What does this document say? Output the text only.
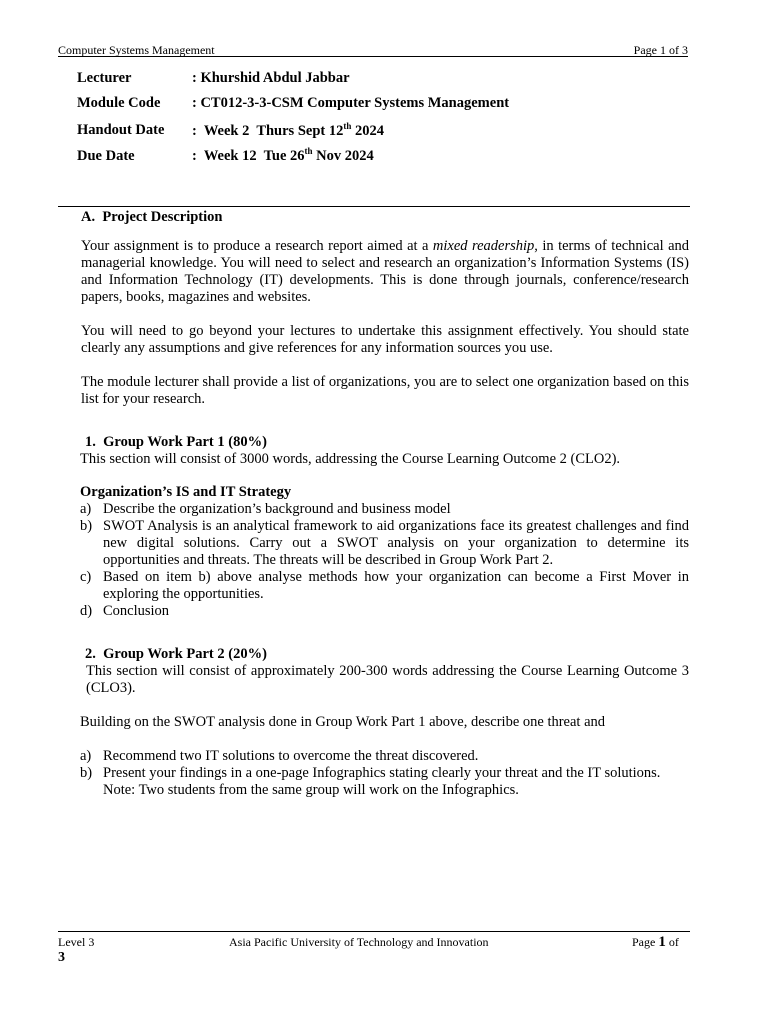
Computer Systems Management	Page 1 of 3
Lecturer	: Khurshid Abdul Jabbar
Module Code	: CT012-3-3-CSM Computer Systems Management
Handout Date	:  Week 2  Thurs Sept 12th 2024
Due Date	:  Week 12  Tue 26th Nov 2024

A.  Project Description

Your assignment is to produce a research report aimed at a mixed readership, in terms of technical and managerial knowledge. You will need to select and research an organization’s Information Systems (IS) and Information Technology (IT) developments. This is done through journals, conference/research papers, books, magazines and websites.

You will need to go beyond your lectures to undertake this assignment effectively. You should state clearly any assumptions and give references for any information sources you use.

The module lecturer shall provide a list of organizations, you are to select one organization based on this list for your research.

1.  Group Work Part 1 (80%)

This section will consist of 3000 words, addressing the Course Learning Outcome 2 (CLO2).

Organization’s IS and IT Strategy

a) Describe the organization’s background and business model
b) SWOT Analysis is an analytical framework to aid organizations face its greatest challenges and find new digital solutions. Carry out a SWOT analysis on your organization to determine its opportunities and threats. The threats will be described in Group Work Part 2.
c) Based on item b) above analyse methods how your organization can become a First Mover in exploring the opportunities.
d) Conclusion

2.  Group Work Part 2 (20%)

This section will consist of approximately 200-300 words addressing the Course Learning Outcome 3 (CLO3).

Building on the SWOT analysis done in Group Work Part 1 above, describe one threat and

a) Recommend two IT solutions to overcome the threat discovered.
b) Present your findings in a one-page Infographics stating clearly your threat and the IT solutions.

Note: Two students from the same group will work on the Infographics.

Level 3	Asia Pacific University of Technology and Innovation	Page 1 of
3
